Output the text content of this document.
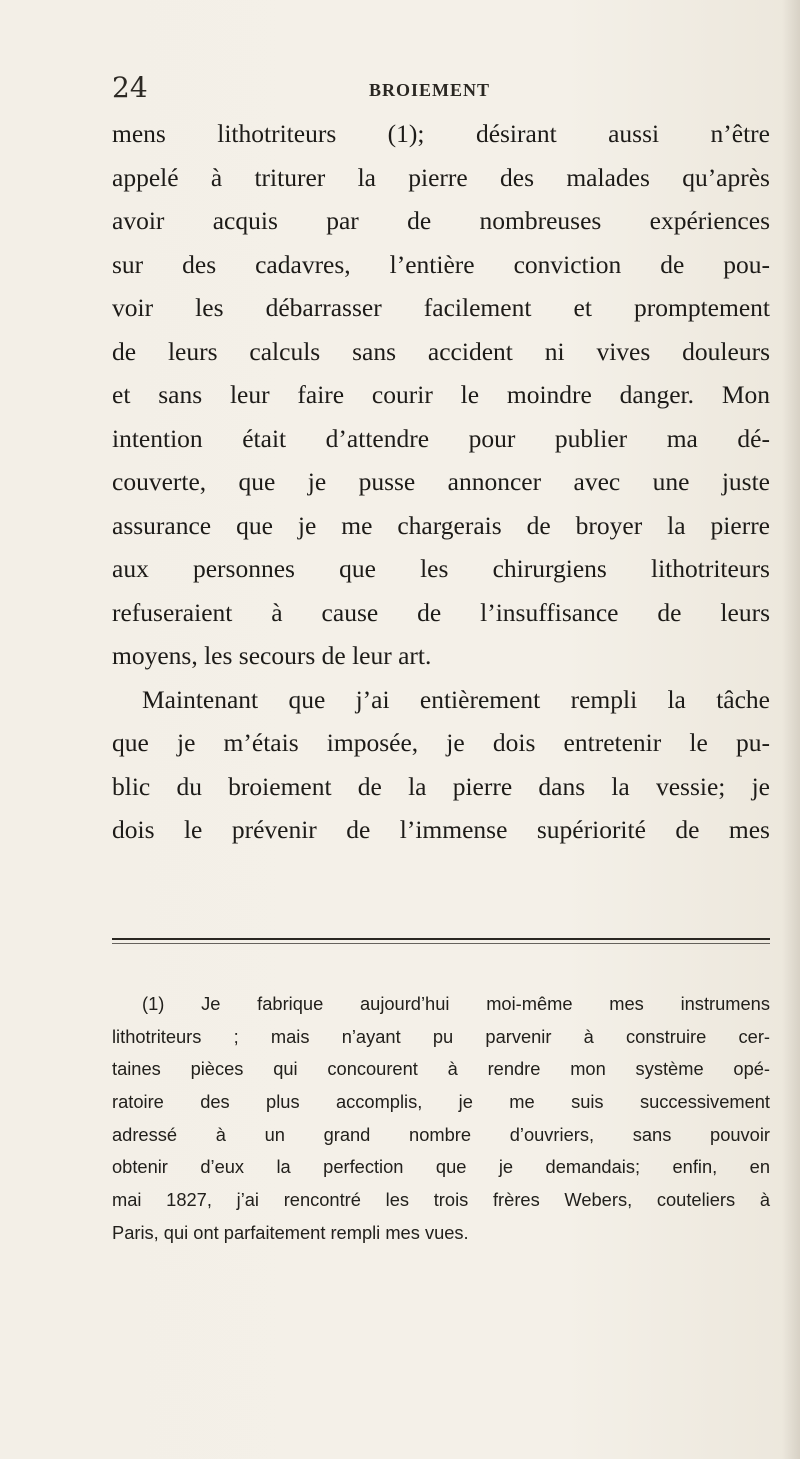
24	BROIEMENT

mens lithotriteurs (1); désirant aussi n’être

appelé à triturer la pierre des malades qu’après

avoir acquis par de nombreuses expériences

sur des cadavres, l’entière conviction de pou-

voir les débarrasser facilement et promptement

de leurs calculs sans accident ni vives douleurs

et sans leur faire courir le moindre danger. Mon

intention était d’attendre pour publier ma dé-

couverte, que je pusse annoncer avec une juste

assurance que je me chargerais de broyer la pierre

aux personnes que les chirurgiens lithotriteurs

refuseraient à cause de l’insuffisance de leurs

moyens, les secours de leur art.

Maintenant que j’ai entièrement rempli la tâche

que je m’étais imposée, je dois entretenir le pu-

blic du broiement de la pierre dans la vessie; je

dois le prévenir de l’immense supériorité de mes

(1) Je fabrique aujourd’hui moi-même mes instrumens

lithotriteurs ; mais n’ayant pu parvenir à construire cer-

taines pièces qui concourent à rendre mon système opé-

ratoire des plus accomplis, je me suis successivement

adressé à un grand nombre d’ouvriers, sans pouvoir

obtenir d’eux la perfection que je demandais; enfin, en

mai 1827, j’ai rencontré les trois frères Webers, couteliers à

Paris, qui ont parfaitement rempli mes vues.
